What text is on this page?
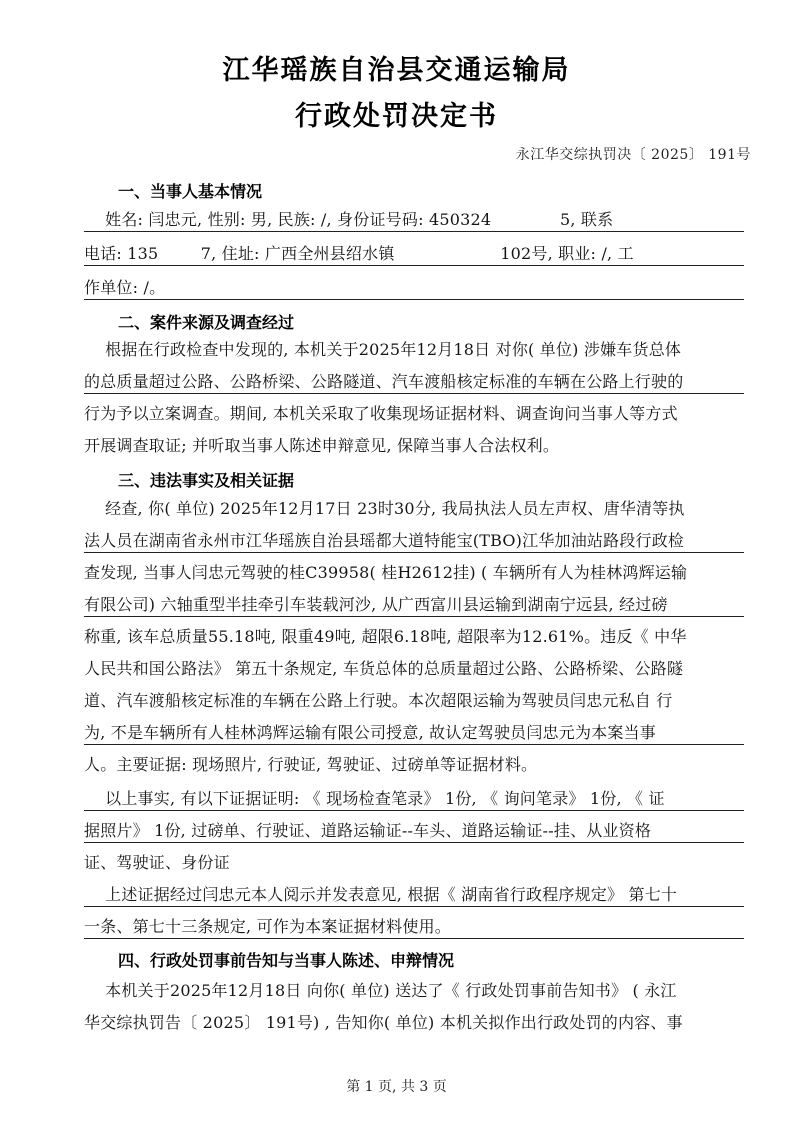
江华瑶族自治县交通运输局
行政处罚决定书
永江华交综执罚决〔 2025〕 191号
一、当事人基本情况
姓名: 闫忠元, 性别: 男, 民族: /, 身份证号码: 450324             5, 联系
电话: 135        7, 住址: 广西全州县绍水镇                    102号, 职业: /, 工
作单位: /。
二、案件来源及调查经过
根据在行政检查中发现的, 本机关于2025年12月18日 对你( 单位) 涉嫌车货总体
的总质量超过公路、公路桥梁、公路隧道、汽车渡船核定标准的车辆在公路上行驶的
行为予以立案调查。期间, 本机关采取了收集现场证据材料、调查询问当事人等方式
开展调查取证; 并听取当事人陈述申辩意见, 保障当事人合法权利。
三、违法事实及相关证据
经查, 你( 单位) 2025年12月17日 23时30分, 我局执法人员左声权、唐华清等执
法人员在湖南省永州市江华瑶族自治县瑶都大道特能宝(TBO)江华加油站路段行政检
查发现, 当事人闫忠元驾驶的桂C39958( 桂H2612挂) ( 车辆所有人为桂林鸿辉运输
有限公司) 六轴重型半挂牵引车装载河沙, 从广西富川县运输到湖南宁远县, 经过磅
称重, 该车总质量55.18吨, 限重49吨, 超限6.18吨, 超限率为12.61%。违反《 中华
人民共和国公路法》 第五十条规定, 车货总体的总质量超过公路、公路桥梁、公路隧
道、汽车渡船核定标准的车辆在公路上行驶。本次超限运输为驾驶员闫忠元私自 行
为, 不是车辆所有人桂林鸿辉运输有限公司授意, 故认定驾驶员闫忠元为本案当事
人。主要证据: 现场照片, 行驶证, 驾驶证、过磅单等证据材料。
以上事实, 有以下证据证明: 《 现场检查笔录》 1份, 《 询问笔录》 1份, 《 证
据照片》 1份, 过磅单、行驶证、道路运输证--车头、道路运输证--挂、从业资格
证、驾驶证、身份证
上述证据经过闫忠元本人阅示并发表意见, 根据《 湖南省行政程序规定》 第七十
一条、第七十三条规定, 可作为本案证据材料使用。
四、行政处罚事前告知与当事人陈述、申辩情况
本机关于2025年12月18日 向你( 单位) 送达了《 行政处罚事前告知书》 ( 永江
华交综执罚告〔 2025〕 191号) , 告知你( 单位) 本机关拟作出行政处罚的内容、事
第 1 页, 共 3 页
